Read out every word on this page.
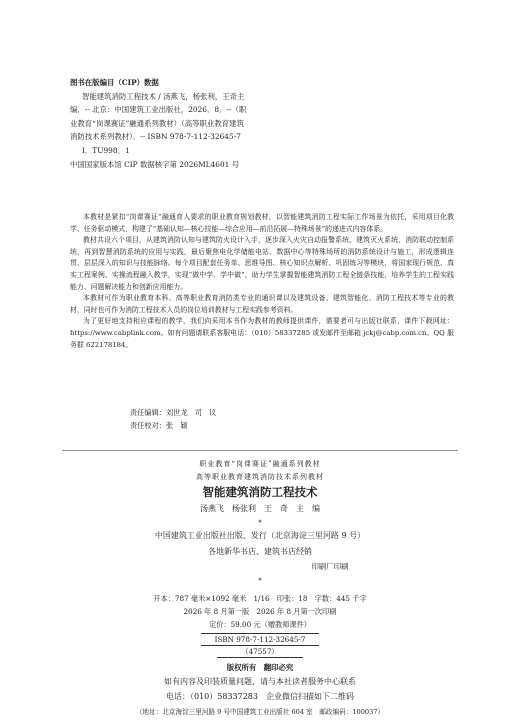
图书在版编目（CIP）数据
智能建筑消防工程技术 / 汤燕飞，杨张利，王奇主
编．-- 北京：中国建筑工业出版社，2026．8．--（职
业教育“岗课赛证”融通系列教材）（高等职业教育建筑
消防技术系列教材）．-- ISBN 978-7-112-32645-7
Ⅰ．TU998．1
中国国家版本馆 CIP 数据核字第 2026ML4601 号

本教材是紧扣“岗课赛证”融通育人要求的职业教育规划教材，以智能建筑消防工程实际工作场景为依托，采用项目化教学、任务驱动模式，构建了“基础认知—核心技能—综合应用—前沿拓展—特殊场景”的递进式内容体系。

教材共设六个项目，从建筑消防认知与建筑防火设计入手，逐步深入火灾自动报警系统、建筑灭火系统、消防联动控制系统，再到智慧消防系统的应用与实践，最后聚焦电化学储能电站、数据中心等特殊场所的消防系统设计与施工，形成逻辑连贯、层层深入的知识与技能脉络。每个项目配套任务单、思维导图、核心知识点解析、巩固练习等模块，将国家现行规范、真实工程案例、实操流程融入教学，实现“做中学、学中做”，助力学生掌握智能建筑消防工程全链条技能，培养学生的工程实践能力、问题解决能力和创新应用能力。

本教材可作为职业教育本科、高等职业教育消防类专业的通识课以及建筑设备、建筑智能化、消防工程技术等专业的教材，同时也可作为消防工程技术人员的岗位培训教材与工程实践参考资料。

为了更好地支持相应课程的教学，我们向采用本书作为教材的教师提供课件，需要者可与出版社联系，课件下载网址：https://www.cabplink.com。如有问题请联系客服电话：（010）58337285 或发邮件至邮箱 jckj@cabp.com.cn。QQ 服务群 622178184。

责任编辑：刘世龙　司　议
责任校对：张　颖
职业教育“岗课赛证”融通系列教材
高等职业教育建筑消防技术系列教材
智能建筑消防工程技术
汤燕飞　杨张利　王　奇　主　编
*
中国建筑工业出版社出版、发行（北京海淀三里河路 9 号）
各地新华书店、建筑书店经销
印刷厂印刷
*
开本：787 毫米×1092 毫米　1/16　印张：18　字数：445 千字
2026 年 8 月第一版　2026 年 8 月第一次印刷
定价：59.00 元（赠教师课件）
ISBN 978-7-112-32645-7
（47557）
版权所有　翻印必究
如有内容及印装质量问题，请与本社读者服务中心联系
电话：（010）58337283　企业微信扫描如下二维码
（地址：北京海淀三里河路 9 号中国建筑工业出版社 604 室　邮政编码：100037）
